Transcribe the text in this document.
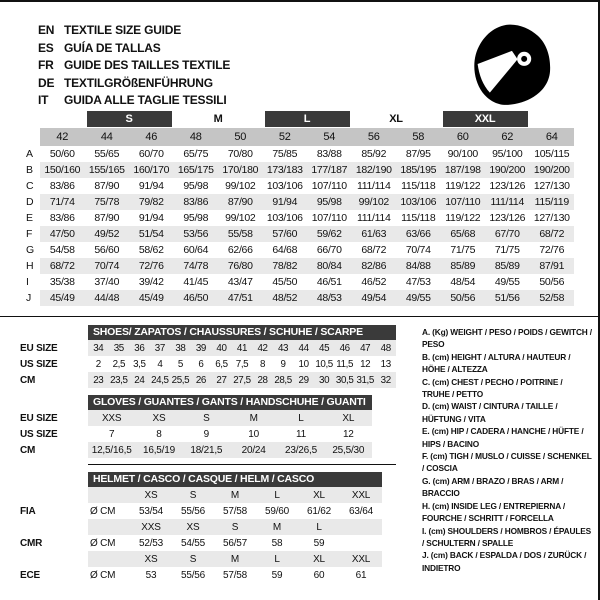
EN TEXTILE SIZE GUIDE
ES GUÍA DE TALLAS
FR GUIDE DES TAILLES TEXTILE
DE TEXTILGRÖßENFÜHRUNG
IT	GUIDA ALLE TAGLIE TESSILI
S	M	L	XL	XXL
42	44	46	48	50	52	54	56	58	60	62	64
A	50/60	55/65	60/70	65/75	70/80	75/85	83/88	85/92	87/95	90/100	95/100	105/115
B	150/160 155/165 160/170 165/175 170/180 173/183 177/187 182/190 185/195 187/198 190/200 190/200
C	83/86	87/90	91/94	95/98	99/102	103/106 107/110 111/114	115/118 119/122 123/126 127/130
D	71/74	75/78	79/82	83/86	87/90	91/94	95/98	99/102	103/106 107/110 111/114	115/119
E	83/86	87/90	91/94	95/98	99/102	103/106 107/110 111/114	115/118 119/122 123/126 127/130
F	47/50	49/52	51/54	53/56	55/58	57/60	59/62	61/63	63/66	65/68	67/70	68/72
G	54/58	56/60	58/62	60/64	62/66	64/68	66/70	68/72	70/74	71/75	71/75	72/76
H	68/72	70/74	72/76	74/78	76/80	78/82	80/84	82/86	84/88	85/89	85/89	87/91
I	35/38	37/40	39/42	41/45	43/47	45/50	46/51	46/52	47/53	48/54	49/55	50/56
J	45/49	44/48	45/49	46/50	47/51	48/52	48/53	49/54	49/55	50/56	51/56	52/58
SHOES/ ZAPATOS / CHAUSSURES / SCHUHE / SCARPE
EU SIZE	34	35	36	37	38	39	40	41	42	43	44	45	46	47	48
US SIZE	2	2,5 3,5	4	5	6	6,5 7,5	8	9	10 10,5 11,5 12	13
CM	23 23,5 24 24,5 25,5 26	27 27,5 28 28,5 29	30 30,5 31,5 32
GLOVES / GUANTES / GANTS / HANDSCHUHE / GUANTI
EU SIZE	XXS	XS	S	M	L	XL
US SIZE	7	8	9	10	11	12
CM	12,5/16,5	16,5/19	18/21,5	20/24	23/26,5	25,5/30
HELMET / CASCO / CASQUE / HELM / CASCO
XS	S	M	L	XL	XXL
FIA	Ø CM	53/54	55/56	57/58	59/60	61/62	63/64
XXS	XS	S	M	L
CMR	Ø CM	52/53	54/55	56/57	58	59
XS	S	M	L	XL	XXL
ECE	Ø CM	53	55/56	57/58	59	60	61
A. (Kg) WEIGHT / PESO / POIDS / GEWITCH / PESO
B. (cm) HEIGHT / ALTURA / HAUTEUR / HÖHE / ALTEZZA
C. (cm) CHEST / PECHO / POITRINE / TRUHE / PETTO
D. (cm) WAIST / CINTURA / TAILLE / HÜFTUNG / VITA
E. (cm) HIP / CADERA / HANCHE / HÜFTE / HIPS / BACINO
F. (cm) TIGH / MUSLO / CUISSE / SCHENKEL / COSCIA
G. (cm) ARM / BRAZO / BRAS / ARM / BRACCIO
H. (cm) INSIDE LEG / ENTREPIERNA / FOURCHE / SCHRITT / FORCELLA
I. (cm) SHOULDERS / HOMBROS / ÉPAULES / SCHULTERN / SPALLE
J. (cm) BACK / ESPALDA / DOS / ZURÜCK / INDIETRO
